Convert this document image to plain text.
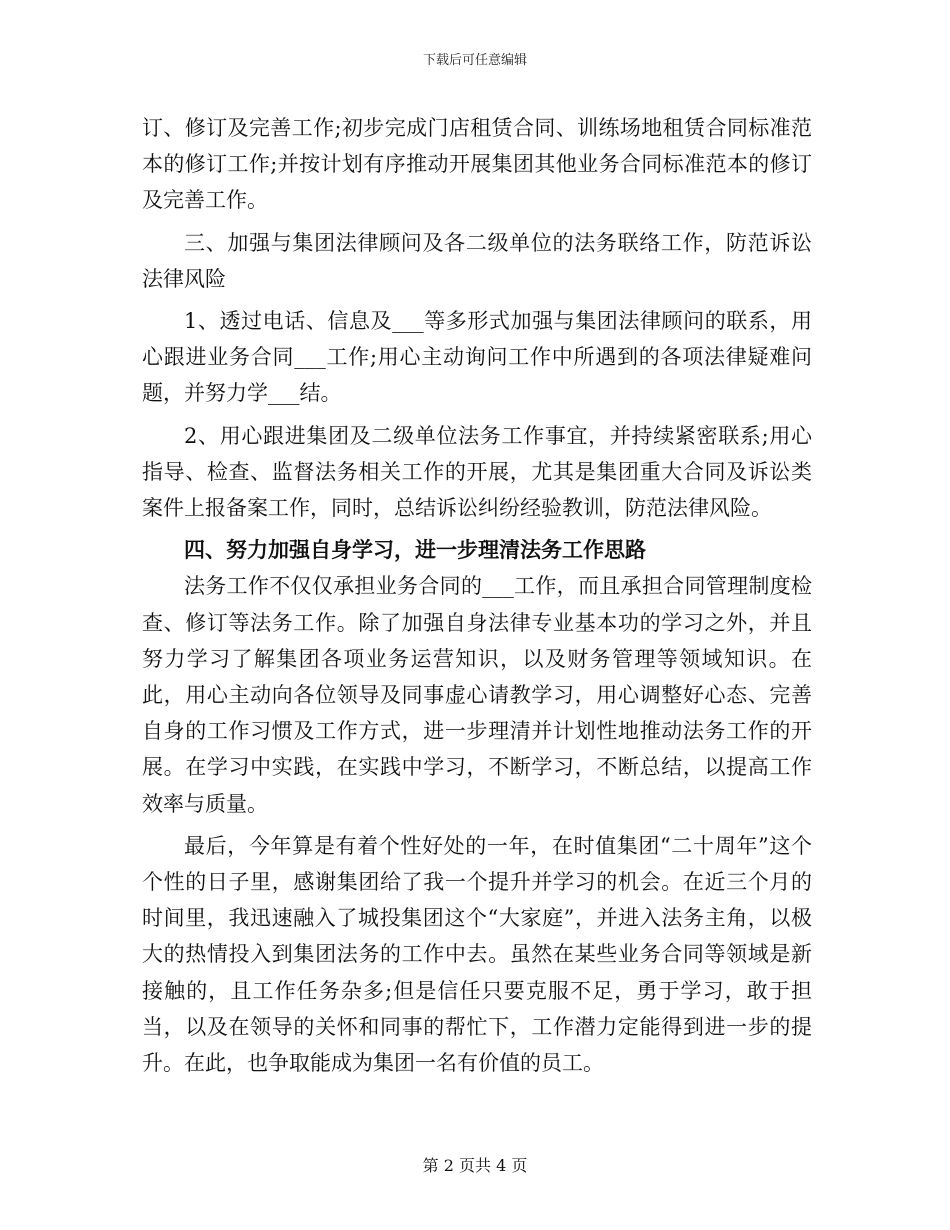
下载后可任意编辑

订、修订及完善工作;初步完成门店租赁合同、训练场地租赁合同标准范本的修订工作;并按计划有序推动开展集团其他业务合同标准范本的修订及完善工作。

三、加强与集团法律顾问及各二级单位的法务联络工作，防范诉讼法律风险

1、透过电话、信息及___等多形式加强与集团法律顾问的联系，用心跟进业务合同___工作;用心主动询问工作中所遇到的各项法律疑难问题，并努力学___结。

2、用心跟进集团及二级单位法务工作事宜，并持续紧密联系;用心指导、检查、监督法务相关工作的开展，尤其是集团重大合同及诉讼类案件上报备案工作，同时，总结诉讼纠纷经验教训，防范法律风险。

四、努力加强自身学习，进一步理清法务工作思路

法务工作不仅仅承担业务合同的___工作，而且承担合同管理制度检查、修订等法务工作。除了加强自身法律专业基本功的学习之外，并且努力学习了解集团各项业务运营知识，以及财务管理等领域知识。在此，用心主动向各位领导及同事虚心请教学习，用心调整好心态、完善自身的工作习惯及工作方式，进一步理清并计划性地推动法务工作的开展。在学习中实践，在实践中学习，不断学习，不断总结，以提高工作效率与质量。

最后，今年算是有着个性好处的一年，在时值集团“二十周年”这个个性的日子里，感谢集团给了我一个提升并学习的机会。在近三个月的时间里，我迅速融入了城投集团这个“大家庭”，并进入法务主角，以极大的热情投入到集团法务的工作中去。虽然在某些业务合同等领域是新接触的，且工作任务杂多;但是信任只要克服不足，勇于学习，敢于担当，以及在领导的关怀和同事的帮忙下，工作潜力定能得到进一步的提升。在此，也争取能成为集团一名有价值的员工。

第 2 页共 4 页
